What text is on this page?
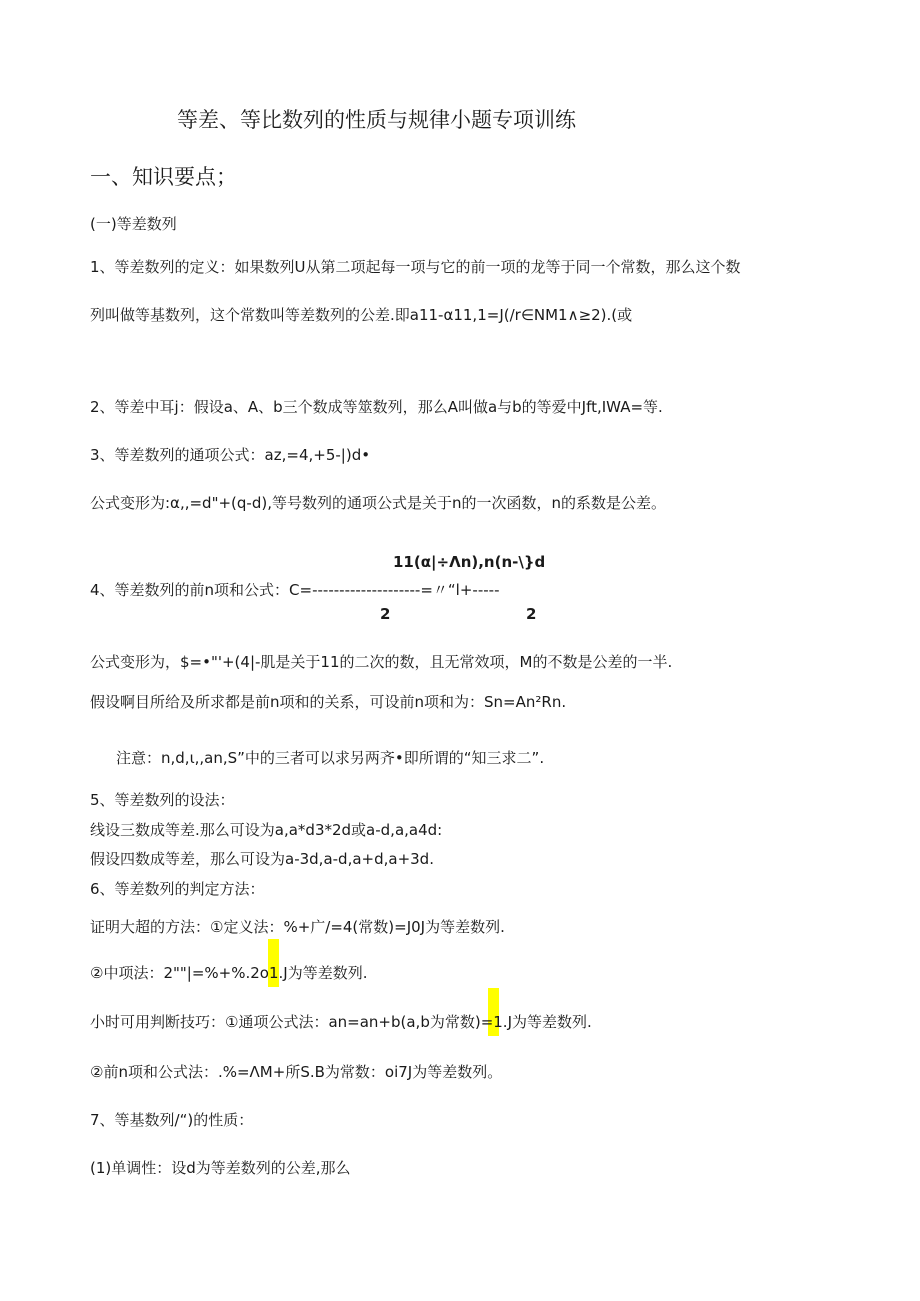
等差、等比数列的性质与规律小题专项训练
一、知识要点；
(一)等差数列
1、等差数列的定义：如果数列U从第二项起每一项与它的前一项的龙等于同一个常数，那么这个数
列叫做等基数列，这个常数叫等差数列的公差.即a11-α11,1=J(/r∈NM1∧≥2).(或
2、等差中耳j：假设a、A、b三个数成等筮数列，那么A叫做a与b的等爱中Jft,IWA=等.
3、等差数列的通项公式：az,=4,+5-|)d•
公式变形为:α,,=d"+(q-d),等号数列的通项公式是关于n的一次函数，n的系数是公差。
11(α|÷Λn),n(n-\}d
4、等差数列的前n项和公式：C=--------------------=〃“l+-----
2	2
公式变形为，$=•"'+(4|-肌是关于11的二次的数，且无常效项，M的不数是公差的一半.
假设啊目所给及所求都是前n项和的关系，可设前n项和为：Sn=An²Rn.
注意：n,d,ι,,an,S”中的三者可以求另两齐•即所谓的“知三求二”.
5、等差数列的设法：
线设三数成等差.那么可设为a,a*d3*2d或a-d,a,a4d:
假设四数成等差，那么可设为a-3d,a-d,a+d,a+3d.
6、等差数列的判定方法：
证明大超的方法：①定义法：%+广/=4(常数)=J0J为等差数列.
②中项法：2""|=%+%.2o1.J为等差数列.
小时可用判断技巧：①通项公式法：an=an+b(a,b为常数)=1.J为等差数列.
②前n项和公式法：.%=ΛM+所S.B为常数：oi7J为等差数列。
7、等基数列/“)的性质：
(1)单调性：设d为等差数列的公差,那么
